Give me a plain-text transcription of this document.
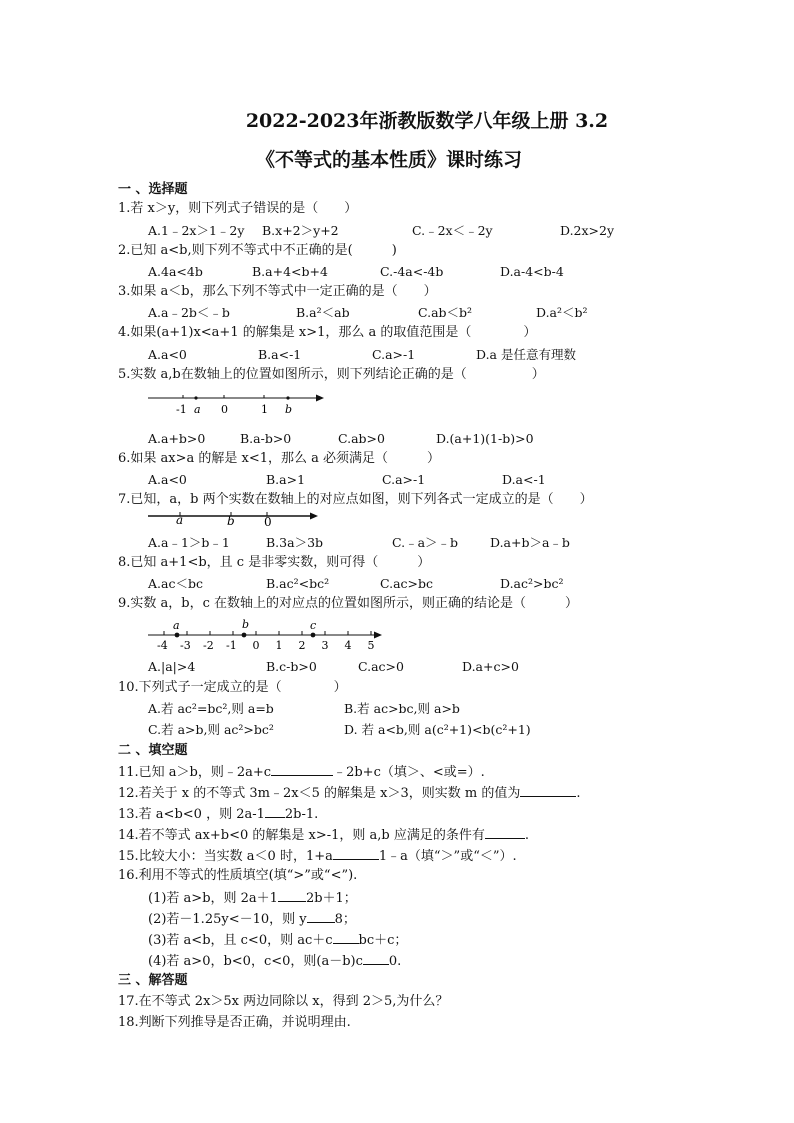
2022-2023年浙教版数学八年级上册 3.2
《不等式的基本性质》课时练习
一 、选择题
1.若 x＞y，则下列式子错误的是（　　）
A.1﹣2x＞1﹣2y B.x+2＞y+2	C.﹣2x＜﹣2y	D.2x>2y
2.已知 a<b,则下列不等式中不正确的是(　　　)
A.4a<4b	B.a+4<b+4	C.-4a<-4b	D.a-4<b-4
3.如果 a＜b，那么下列不等式中一定正确的是（　　）
A.a﹣2b＜﹣b	B.a²＜ab	C.ab＜b²	D.a²＜b²
4.如果(a+1)x<a+1 的解集是 x>1，那么 a 的取值范围是（　　　　）
A.a<0	B.a<-1	C.a>-1	D.a 是任意有理数
5.实数 a,b在数轴上的位置如图所示，则下列结论正确的是（　　　　　）
-1 a 0	1 b
A.a+b>0	B.a-b>0	C.ab>0	D.(a+1)(1-b)>0
6.如果 ax>a 的解是 x<1，那么 a 必须满足（　　　）
A.a<0	B.a>1	C.a>-1	D.a<-1
7.已知，a，b 两个实数在数轴上的对应点如图，则下列各式一定成立的是（　　）
a	b 0
A.a﹣1＞b﹣1	B.3a＞3b	C.﹣a＞﹣b	D.a+b＞a﹣b
8.已知 a+1<b，且 c 是非零实数，则可得（　　　）
A.ac＜bc	B.ac²<bc²	C.ac>bc	D.ac²>bc²
9.实数 a，b，c 在数轴上的对应点的位置如图所示，则正确的结论是（　　　）
-4 -3 -2 -1 0 1 2 3 4 5
a	b	c
A.|a|>4	B.c-b>0	C.ac>0	D.a+c>0
10.下列式子一定成立的是（　　　　）
A.若 ac²=bc²,则 a=b	B.若 ac>bc,则 a>b
C.若 a>b,则 ac²>bc²	D. 若 a<b,则 a(c²+1)<b(c²+1)
二 、填空题
11.已知 a＞b，则﹣2a+c	﹣2b+c（填＞、<或=）.
12.若关于 x 的不等式 3m﹣2x＜5 的解集是 x＞3，则实数 m 的值为	.
13.若 a<b<0 ，则 2a-1 2b-1.
14.若不等式 ax+b<0 的解集是 x>-1，则 a,b 应满足的条件有	.
15.比较大小：当实数 a＜0 时，1+a	1﹣a（填“＞”或“＜”）.
16.利用不等式的性质填空(填“>”或“<”).
(1)若 a>b，则 2a＋1 2b＋1；
(2)若－1.25y<－10，则 y 8；
(3)若 a<b，且 c<0，则 ac＋c bc＋c；
(4)若 a>0，b<0，c<0，则(a－b)c 0.
三 、解答题
17.在不等式 2x＞5x 两边同除以 x，得到 2＞5,为什么？
18.判断下列推导是否正确，并说明理由.
